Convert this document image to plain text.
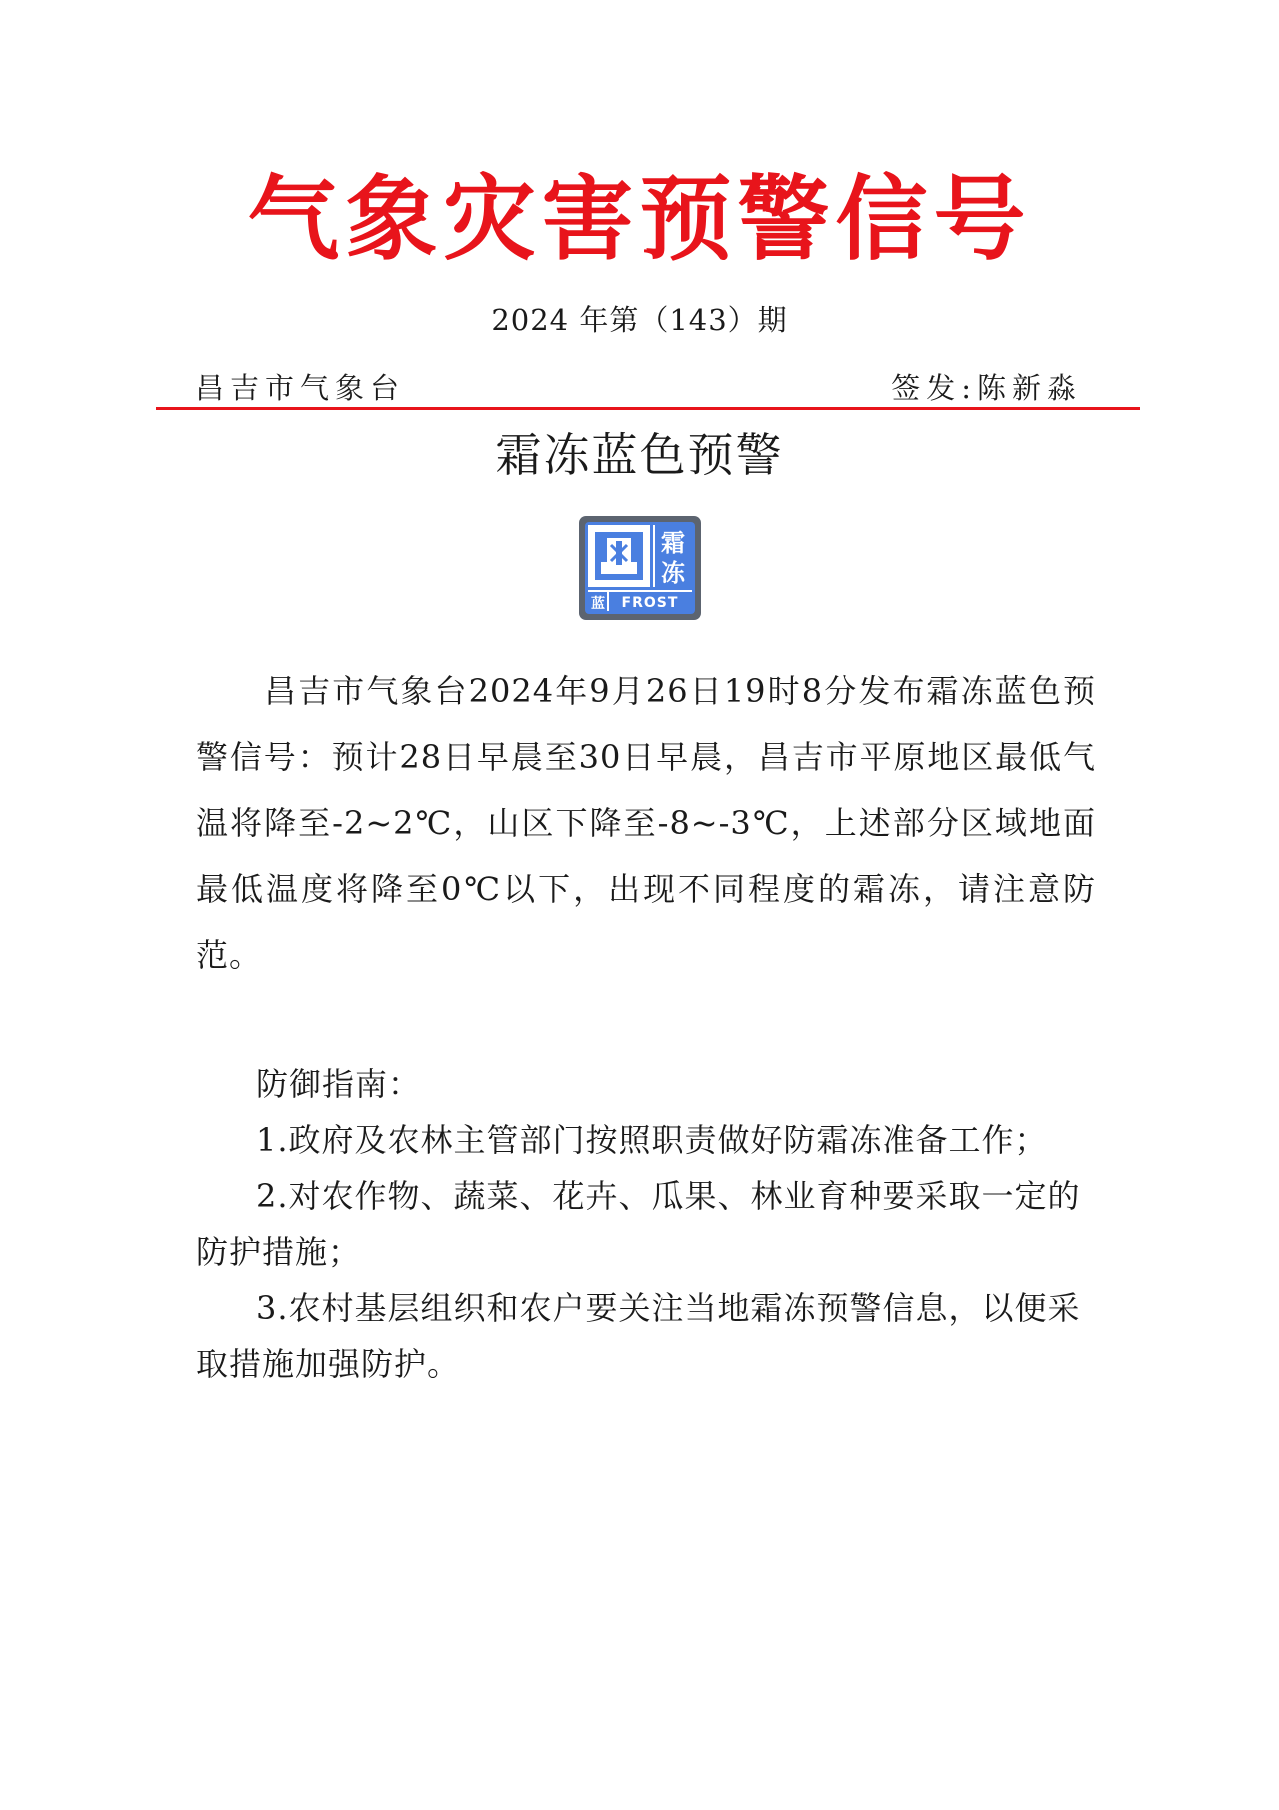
气象灾害预警信号
2024 年第（143）期
昌吉市气象台	签发:陈新淼
霜冻蓝色预警
霜
冻
蓝 FROST
昌吉市气象台2024年9月26日19时8分发布霜冻蓝色预警信号：预计28日早晨至30日早晨，昌吉市平原地区最低气温将降至-2~2℃，山区下降至-8~-3℃，上述部分区域地面最低温度将降至0℃以下，出现不同程度的霜冻，请注意防范。

防御指南：

1.政府及农林主管部门按照职责做好防霜冻准备工作；

2.对农作物、蔬菜、花卉、瓜果、林业育种要采取一定的防护措施；

3.农村基层组织和农户要关注当地霜冻预警信息，以便采取措施加强防护。
